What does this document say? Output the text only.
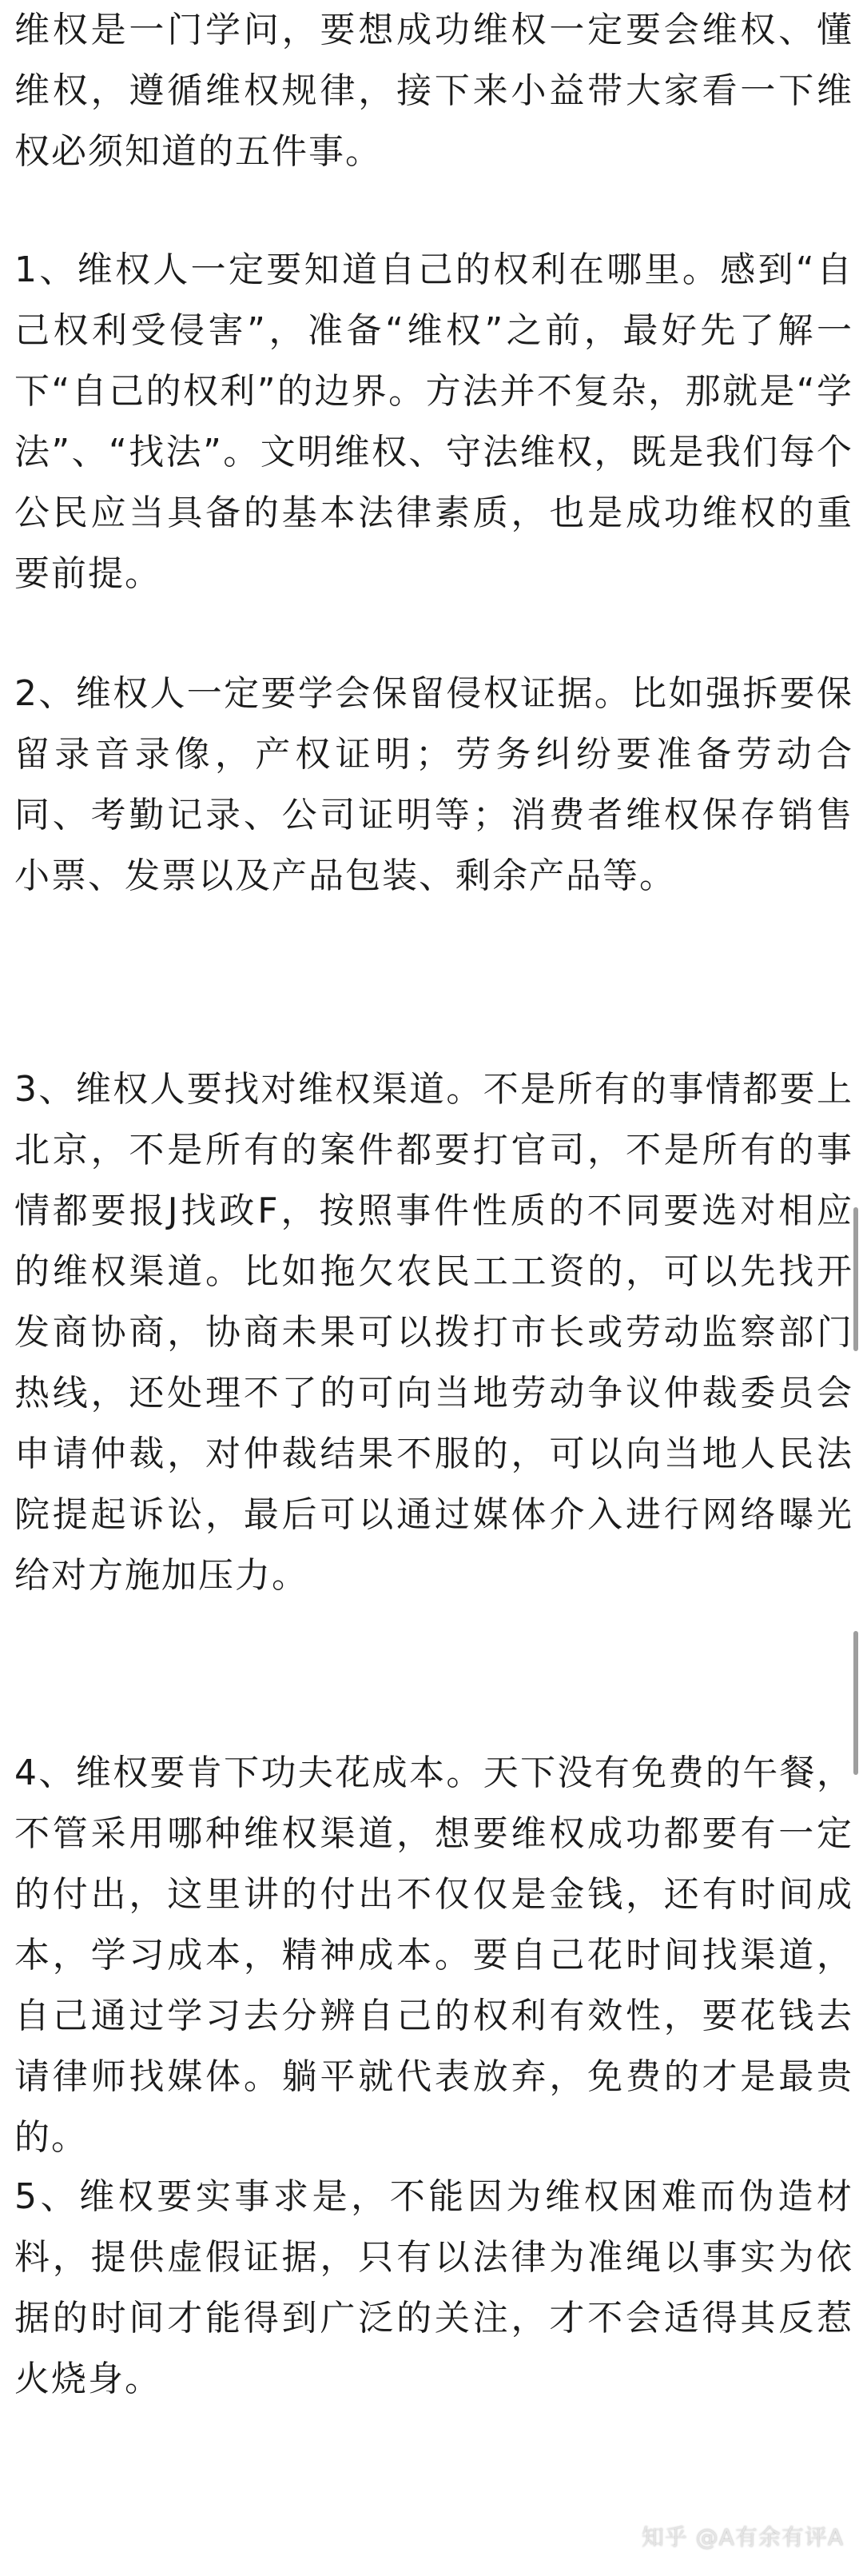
维权是一门学问，要想成功维权一定要会维权、懂维权，遵循维权规律，接下来小益带大家看一下维权必须知道的五件事。

1、维权人一定要知道自己的权利在哪里。感到“自己权利受侵害”，准备“维权”之前，最好先了解一下“自己的权利”的边界。方法并不复杂，那就是“学法”、“找法”。文明维权、守法维权，既是我们每个公民应当具备的基本法律素质，也是成功维权的重要前提。

2、维权人一定要学会保留侵权证据。比如强拆要保留录音录像，产权证明；劳务纠纷要准备劳动合同、考勤记录、公司证明等；消费者维权保存销售小票、发票以及产品包装、剩余产品等。

3、维权人要找对维权渠道。不是所有的事情都要上北京，不是所有的案件都要打官司，不是所有的事情都要报J找政F，按照事件性质的不同要选对相应的维权渠道。比如拖欠农民工工资的，可以先找开发商协商，协商未果可以拨打市长或劳动监察部门热线，还处理不了的可向当地劳动争议仲裁委员会申请仲裁，对仲裁结果不服的，可以向当地人民法院提起诉讼，最后可以通过媒体介入进行网络曝光给对方施加压力。

4、维权要肯下功夫花成本。天下没有免费的午餐，不管采用哪种维权渠道，想要维权成功都要有一定的付出，这里讲的付出不仅仅是金钱，还有时间成本，学习成本，精神成本。要自己花时间找渠道，自己通过学习去分辨自己的权利有效性，要花钱去请律师找媒体。躺平就代表放弃，免费的才是最贵的。

5、维权要实事求是，不能因为维权困难而伪造材料，提供虚假证据，只有以法律为准绳以事实为依据的时间才能得到广泛的关注，才不会适得其反惹火烧身。

知乎 @A有余有评A
